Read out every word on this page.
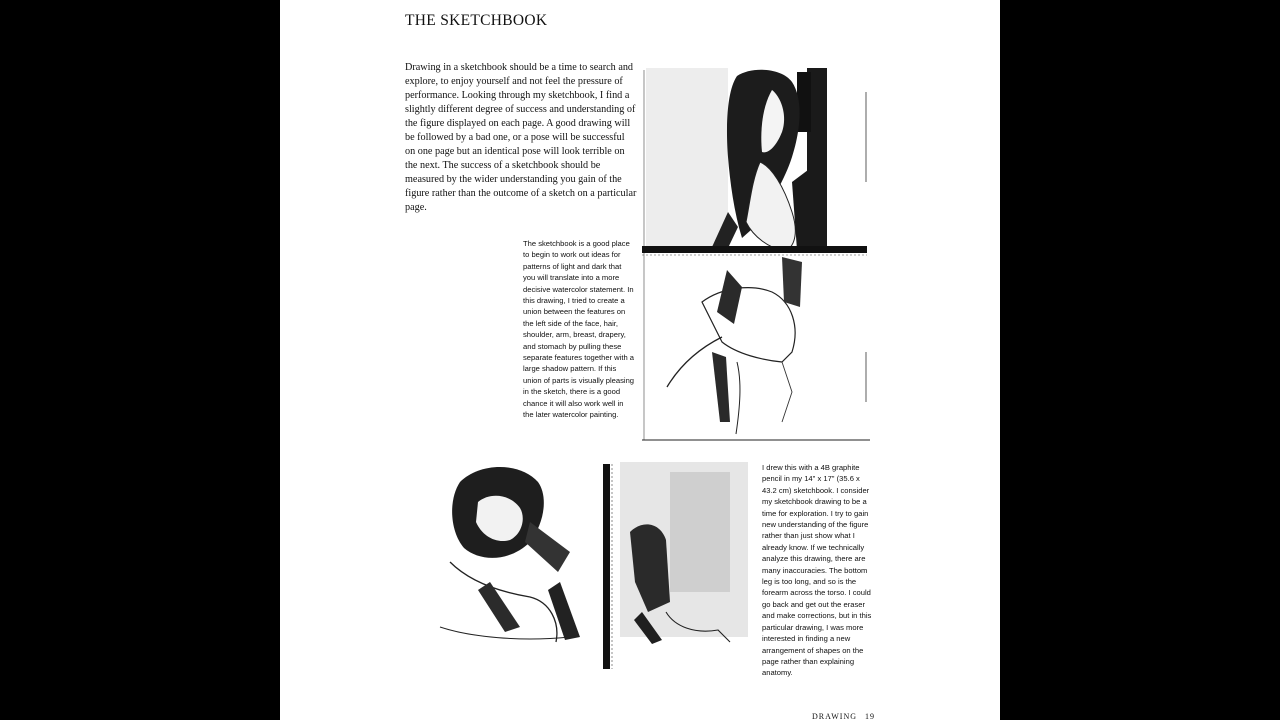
THE SKETCHBOOK

Drawing in a sketchbook should be a time to search and explore, to enjoy yourself and not feel the pressure of performance. Looking through my sketchbook, I find a slightly different degree of success and understanding of the figure displayed on each page. A good drawing will be followed by a bad one, or a pose will be successful on one page but an identical pose will look terrible on the next. The success of a sketchbook should be measured by the wider understanding you gain of the figure rather than the outcome of a sketch on a particular page.

The sketchbook is a good place to begin to work out ideas for patterns of light and dark that you will translate into a more decisive watercolor statement. In this drawing, I tried to create a union between the features on the left side of the face, hair, shoulder, arm, breast, drapery, and stomach by pulling these separate features together with a large shadow pattern. If this union of parts is visually pleasing in the sketch, there is a good chance it will also work well in the later watercolor painting.

I drew this with a 4B graphite pencil in my 14" x 17" (35.6 x 43.2 cm) sketchbook. I consider my sketchbook drawing to be a time for exploration. I try to gain new understanding of the figure rather than just show what I already know. If we technically analyze this drawing, there are many inaccuracies. The bottom leg is too long, and so is the forearm across the torso. I could go back and get out the eraser and make corrections, but in this particular drawing, I was more interested in finding a new arrangement of shapes on the page rather than explaining anatomy.

DRAWING 19
